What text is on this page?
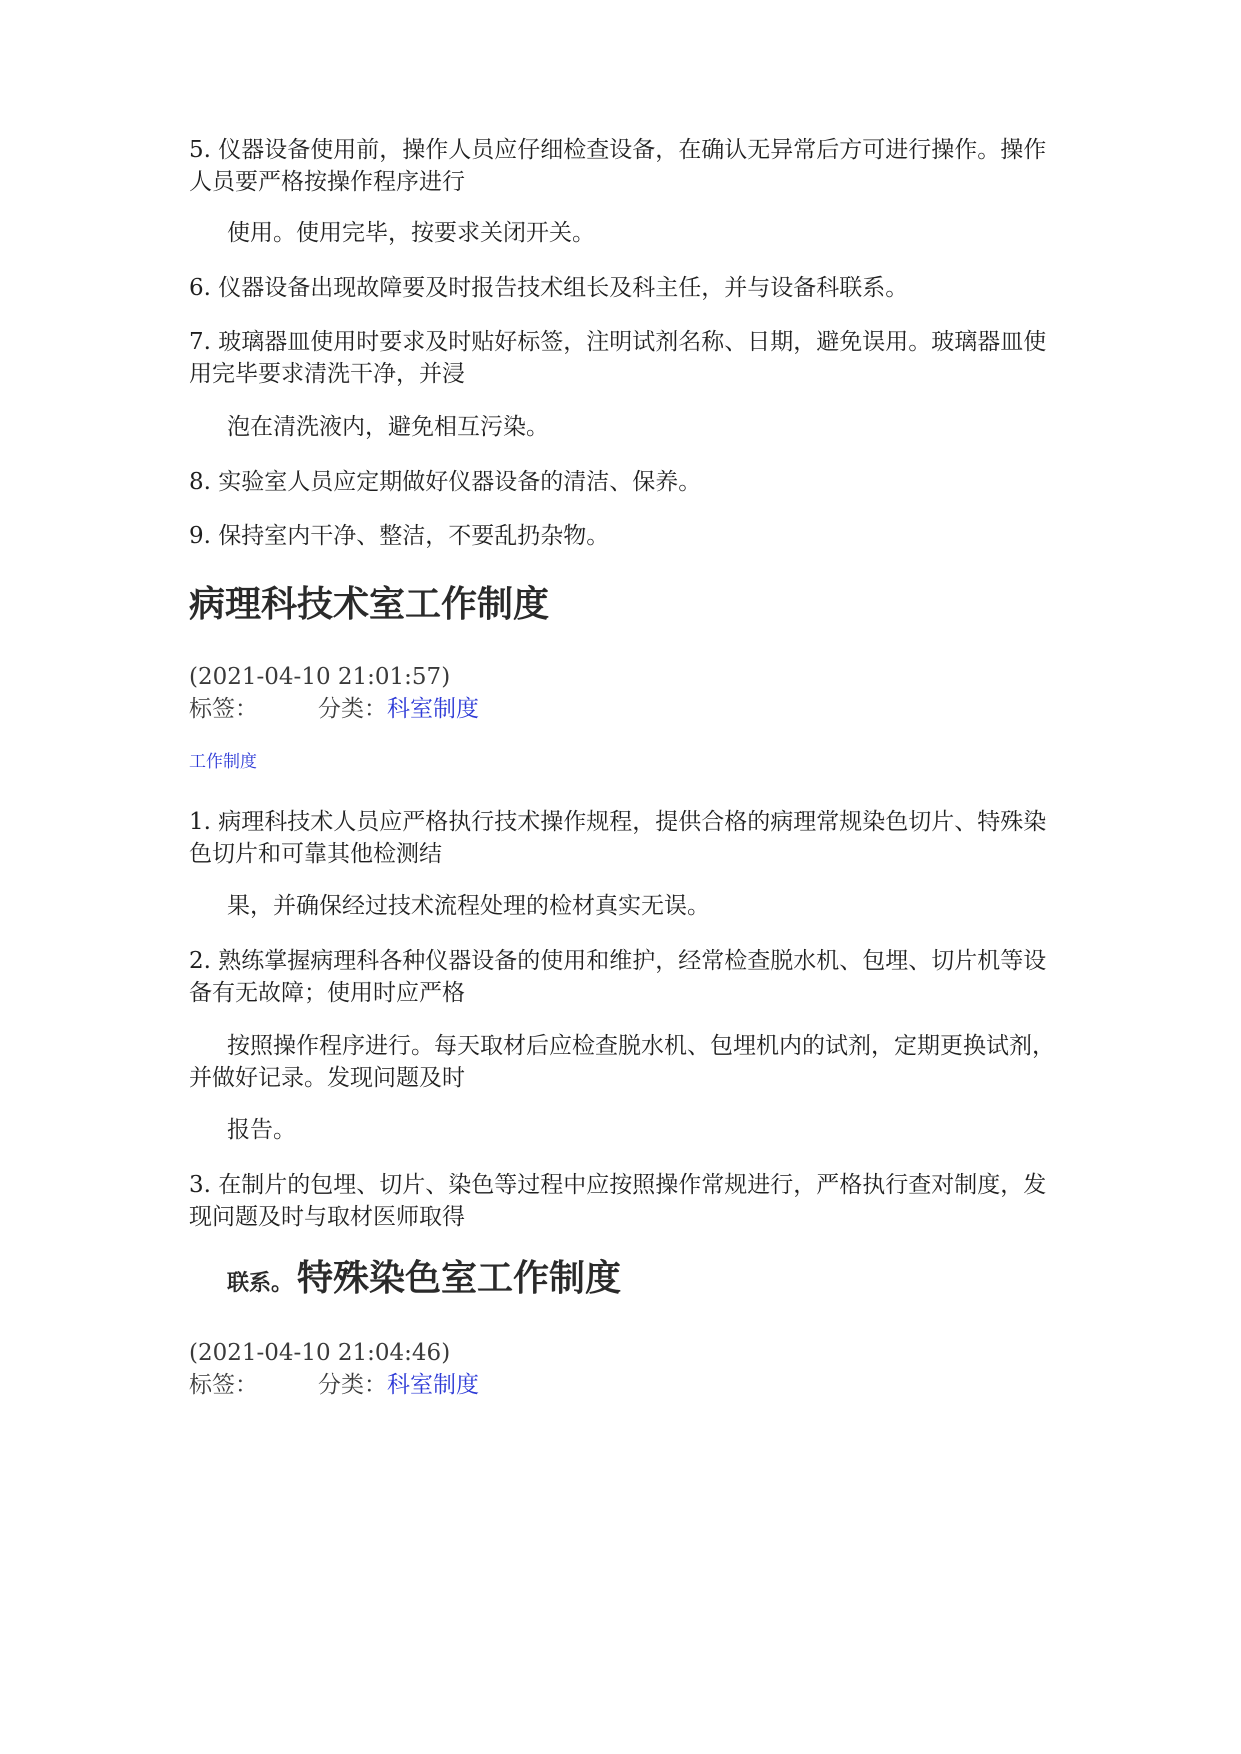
5. 仪器设备使用前，操作人员应仔细检查设备，在确认无异常后方可进行操作。操作人员要严格按操作程序进行

使用。使用完毕，按要求关闭开关。

6. 仪器设备出现故障要及时报告技术组长及科主任，并与设备科联系。

7. 玻璃器皿使用时要求及时贴好标签，注明试剂名称、日期，避免误用。玻璃器皿使用完毕要求清洗干净，并浸

泡在清洗液内，避免相互污染。

8. 实验室人员应定期做好仪器设备的清洁、保养。

9. 保持室内干净、整洁，不要乱扔杂物。

病理科技术室工作制度

(2021-04-10 21:01:57)

标签：	分类：科室制度

工作制度

1. 病理科技术人员应严格执行技术操作规程，提供合格的病理常规染色切片、特殊染色切片和可靠其他检测结

果，并确保经过技术流程处理的检材真实无误。

2. 熟练掌握病理科各种仪器设备的使用和维护，经常检查脱水机、包埋、切片机等设备有无故障；使用时应严格

按照操作程序进行。每天取材后应检查脱水机、包埋机内的试剂，定期更换试剂，并做好记录。发现问题及时

报告。

3. 在制片的包埋、切片、染色等过程中应按照操作常规进行，严格执行查对制度，发现问题及时与取材医师取得

联系。 特殊染色室工作制度

(2021-04-10 21:04:46)

标签：	分类：科室制度
